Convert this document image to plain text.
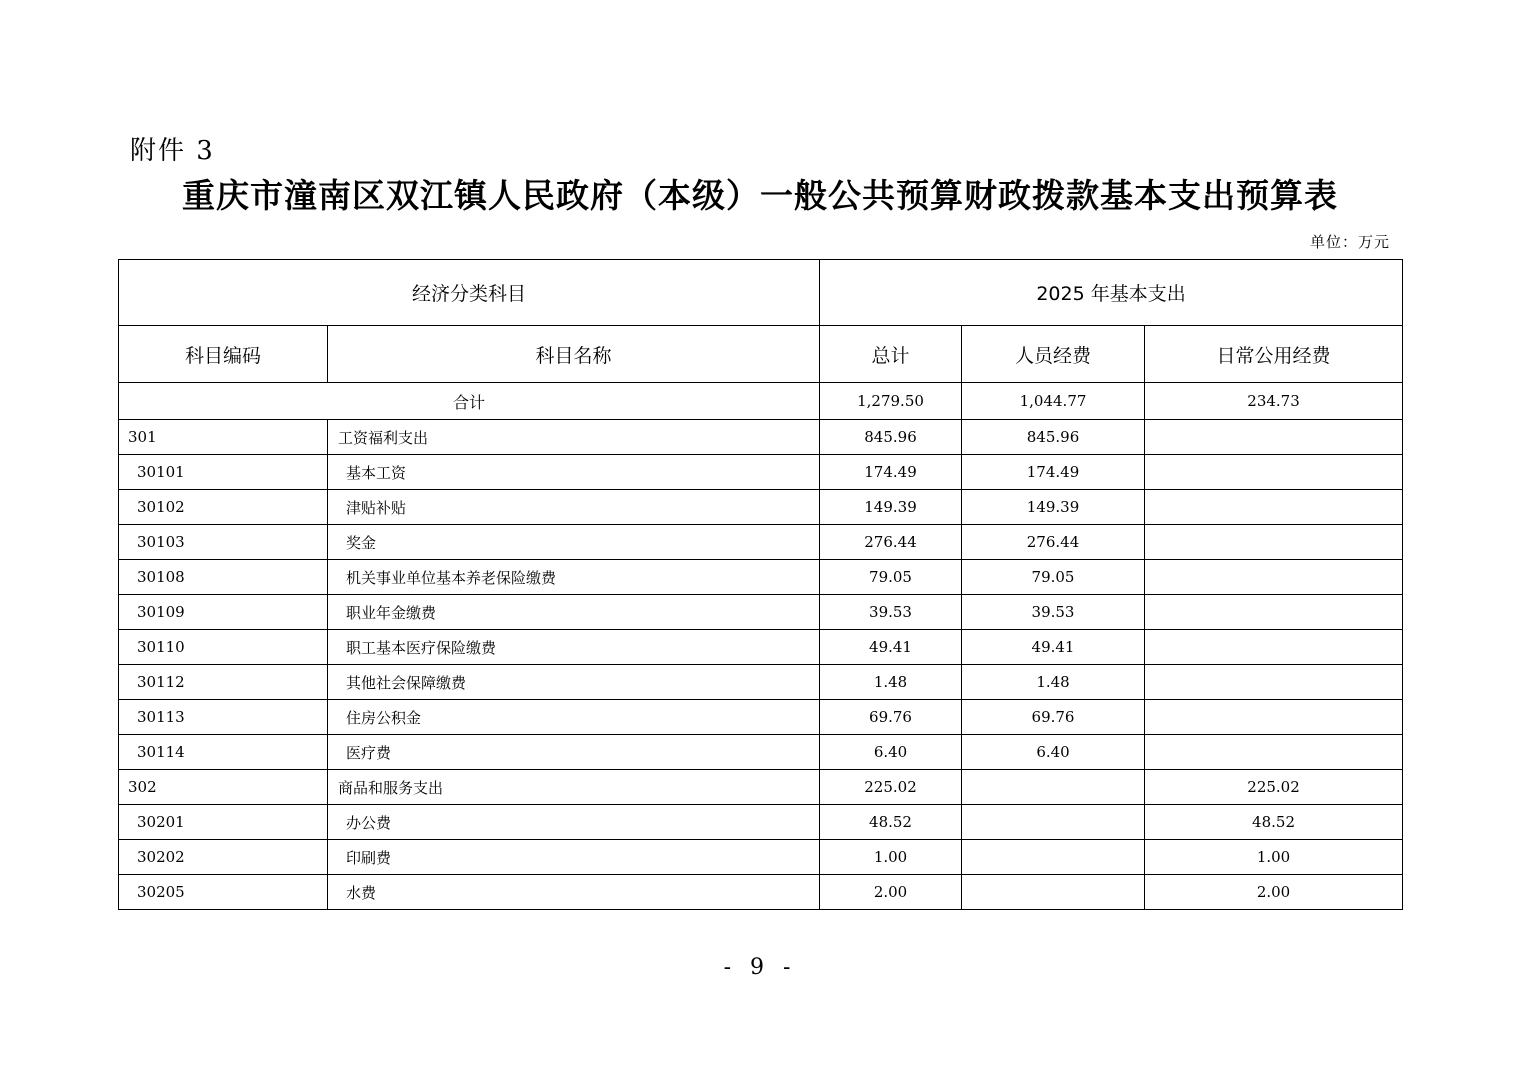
附件 3
重庆市潼南区双江镇人民政府（本级）一般公共预算财政拨款基本支出预算表
单位：万元
经济分类科目		2025 年基本支出		
科目编码	科目名称	总计	人员经费	日常公用经费
合计		1,279.50	1,044.77	234.73
301	工资福利支出	845.96	845.96	
30101	基本工资	174.49	174.49	
30102	津贴补贴	149.39	149.39	
30103	奖金	276.44	276.44	
30108	机关事业单位基本养老保险缴费	79.05	79.05	
30109	职业年金缴费	39.53	39.53	
30110	职工基本医疗保险缴费	49.41	49.41	
30112	其他社会保障缴费	1.48	1.48	
30113	住房公积金	69.76	69.76	
30114	医疗费	6.40	6.40	
302	商品和服务支出	225.02		225.02
30201	办公费	48.52		48.52
30202	印刷费	1.00		1.00
30205	水费	2.00		2.00
- 9 -
